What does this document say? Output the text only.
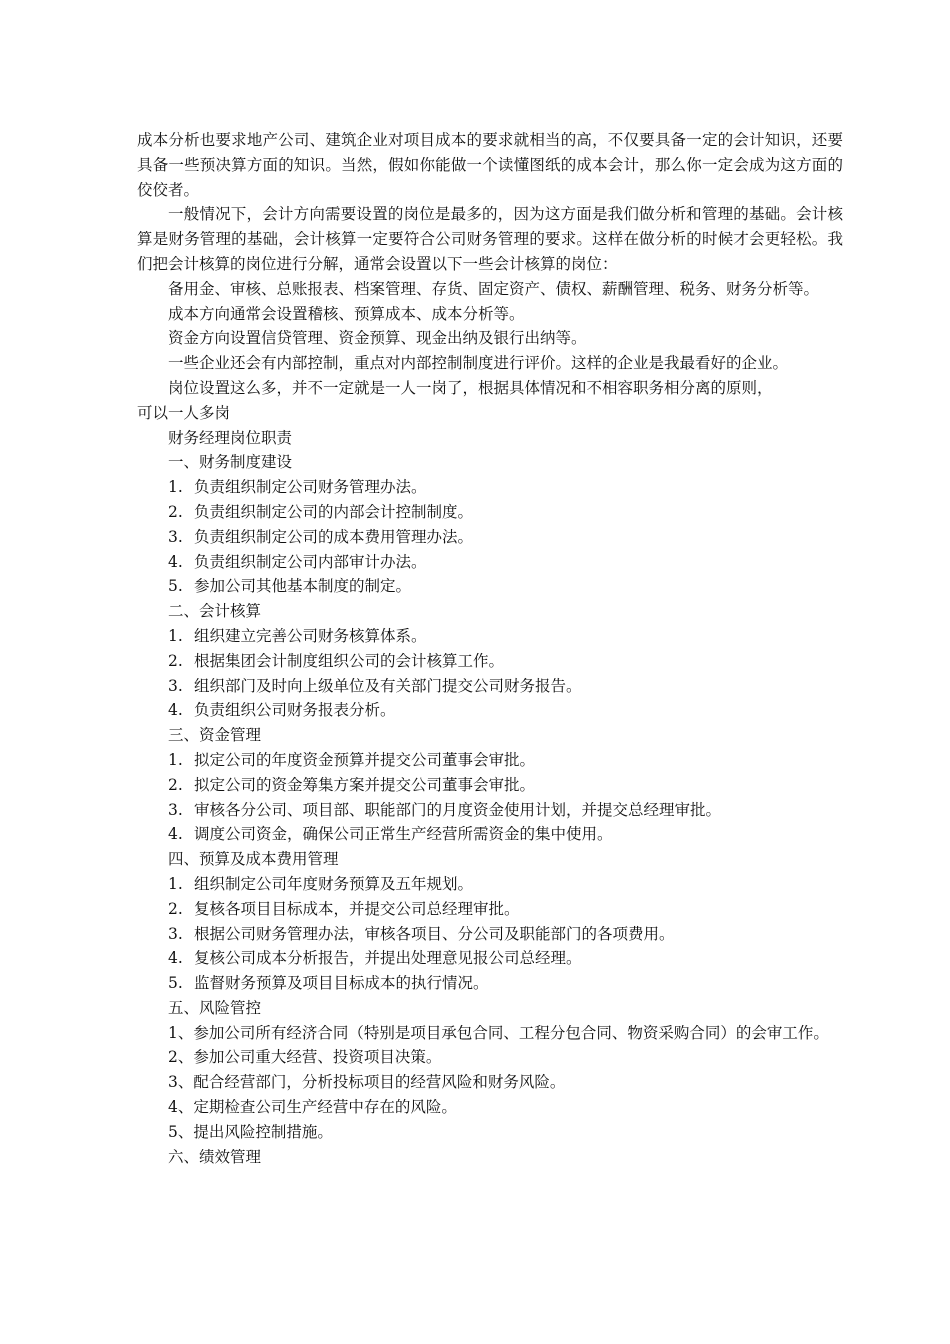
成本分析也要求地产公司、建筑企业对项目成本的要求就相当的高，不仅要具备一定的会计知识，还要具备一些预决算方面的知识。当然，假如你能做一个读懂图纸的成本会计，那么你一定会成为这方面的佼佼者。

一般情况下，会计方向需要设置的岗位是最多的，因为这方面是我们做分析和管理的基础。会计核算是财务管理的基础，会计核算一定要符合公司财务管理的要求。这样在做分析的时候才会更轻松。我们把会计核算的岗位进行分解，通常会设置以下一些会计核算的岗位：

备用金、审核、总账报表、档案管理、存货、固定资产、债权、薪酬管理、税务、财务分析等。

成本方向通常会设置稽核、预算成本、成本分析等。

资金方向设置信贷管理、资金预算、现金出纳及银行出纳等。

一些企业还会有内部控制，重点对内部控制制度进行评价。这样的企业是我最看好的企业。

岗位设置这么多，并不一定就是一人一岗了，根据具体情况和不相容职务相分离的原则，

可以一人多岗

财务经理岗位职责

一、财务制度建设

1. 负责组织制定公司财务管理办法。

2. 负责组织制定公司的内部会计控制制度。

3. 负责组织制定公司的成本费用管理办法。

4. 负责组织制定公司内部审计办法。

5. 参加公司其他基本制度的制定。

二、会计核算

1. 组织建立完善公司财务核算体系。

2. 根据集团会计制度组织公司的会计核算工作。

3. 组织部门及时向上级单位及有关部门提交公司财务报告。

4. 负责组织公司财务报表分析。

三、资金管理

1. 拟定公司的年度资金预算并提交公司董事会审批。

2. 拟定公司的资金筹集方案并提交公司董事会审批。

3. 审核各分公司、项目部、职能部门的月度资金使用计划，并提交总经理审批。

4. 调度公司资金，确保公司正常生产经营所需资金的集中使用。

四、预算及成本费用管理

1. 组织制定公司年度财务预算及五年规划。

2. 复核各项目目标成本，并提交公司总经理审批。

3. 根据公司财务管理办法，审核各项目、分公司及职能部门的各项费用。

4. 复核公司成本分析报告，并提出处理意见报公司总经理。

5. 监督财务预算及项目目标成本的执行情况。

五、风险管控

1、参加公司所有经济合同（特别是项目承包合同、工程分包合同、物资采购合同）的会审工作。

2、参加公司重大经营、投资项目决策。

3、配合经营部门，分析投标项目的经营风险和财务风险。

4、定期检查公司生产经营中存在的风险。

5、提出风险控制措施。

六、绩效管理
